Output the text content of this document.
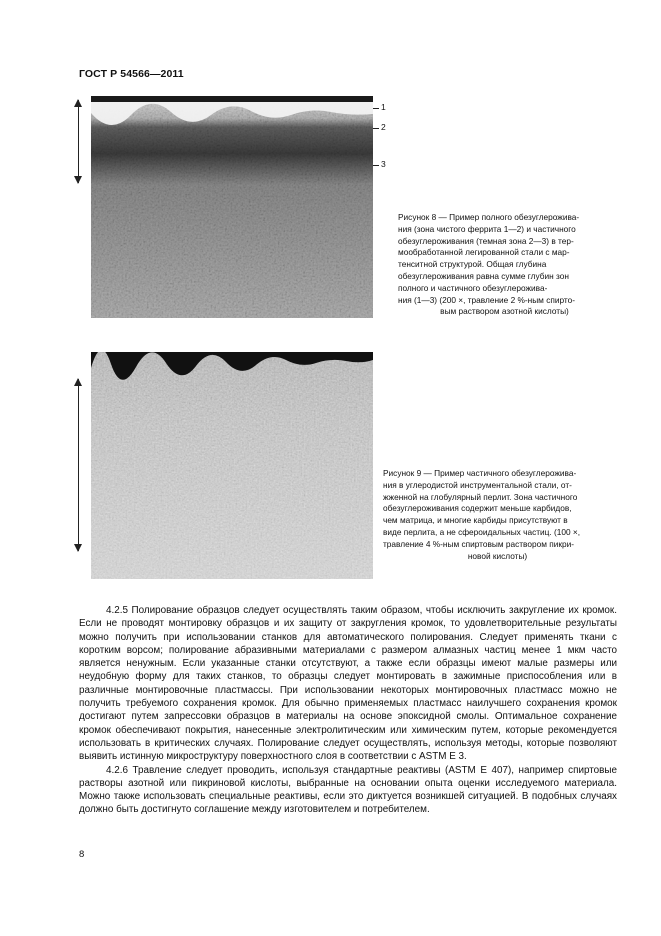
ГОСТ Р 54566—2011
1
2
3
Рисунок 8 — Пример полного обезуглерожива-
ния (зона чистого феррита 1—2) и частичного
обезуглероживания (темная зона 2—3) в тер-
мообработанной легированной стали с мар-
тенситной структурой. Общая глубина
обезуглероживания равна сумме глубин зон
полного и частичного обезуглерожива-
ния (1—3) (200 ×, травление 2 %-ным спирто-
вым раствором азотной кислоты)
Рисунок 9 — Пример частичного обезуглерожива-
ния в углеродистой инструментальной стали, от-
жженной на глобулярный перлит. Зона частичного
обезуглероживания содержит меньше карбидов,
чем матрица, и многие карбиды присутствуют в
виде перлита, а не сфероидальных частиц. (100 ×,
травление 4 %-ным спиртовым раствором пикри-
новой кислоты)

4.2.5 Полирование образцов следует осуществлять таким образом, чтобы исключить закругление их кромок. Если не проводят монтировку образцов и их защиту от закругления кромок, то удовлетворительные результаты можно получить при использовании станков для автоматического полирования. Следует применять ткани с коротким ворсом; полирование абразивными материалами с размером алмазных частиц менее 1 мкм часто является ненужным. Если указанные станки отсутствуют, а также если образцы имеют малые размеры или неудобную форму для таких станков, то образцы следует монтировать в зажимные приспособления или в различные монтировочные пластмассы. При использовании некоторых монтировочных пластмасс можно не получить требуемого сохранения кромок. Для обычно применяемых пластмасс наилучшего сохранения кромок достигают путем запрессовки образцов в материалы на основе эпоксидной смолы. Оптимальное сохранение кромок обеспечивают покрытия, нанесенные электролитическим или химическим путем, которые рекомендуется использовать в критических случаях. Полирование следует осуществлять, используя методы, которые позволяют выявить истинную микроструктуру поверхностного слоя в соответствии с ASTM E 3.

4.2.6 Травление следует проводить, используя стандартные реактивы (ASTM E 407), например спиртовые растворы азотной или пикриновой кислоты, выбранные на основании опыта оценки исследуемого материала. Можно также использовать специальные реактивы, если это диктуется возникшей ситуацией. В подобных случаях должно быть достигнуто соглашение между изготовителем и потребителем.

8
